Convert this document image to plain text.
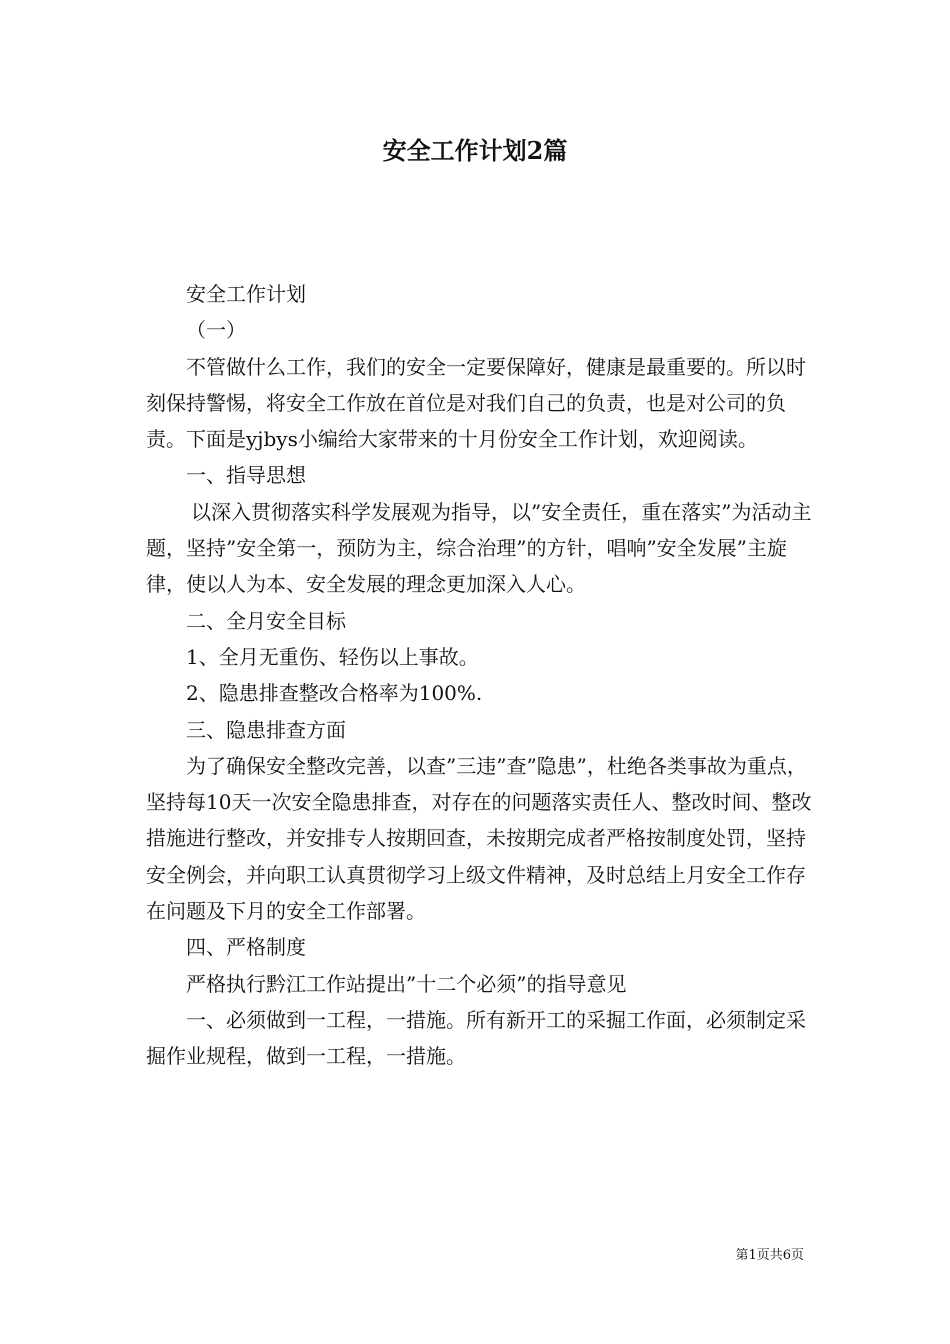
安全工作计划2篇

安全工作计划

（一）

不管做什么工作，我们的安全一定要保障好，健康是最重要的。所以时刻保持警惕，将安全工作放在首位是对我们自己的负责，也是对公司的负责。下面是yjbys小编给大家带来的十月份安全工作计划，欢迎阅读。

一、指导思想

以深入贯彻落实科学发展观为指导，以”安全责任，重在落实”为活动主题，坚持”安全第一，预防为主，综合治理”的方针，唱响”安全发展”主旋律，使以人为本、安全发展的理念更加深入人心。

二、全月安全目标

1、全月无重伤、轻伤以上事故。

2、隐患排查整改合格率为100%.

三、隐患排查方面

为了确保安全整改完善，以查”三违”查”隐患”，杜绝各类事故为重点，坚持每10天一次安全隐患排查，对存在的问题落实责任人、整改时间、整改措施进行整改，并安排专人按期回查，未按期完成者严格按制度处罚，坚持安全例会，并向职工认真贯彻学习上级文件精神，及时总结上月安全工作存在问题及下月的安全工作部署。

四、严格制度

严格执行黔江工作站提出”十二个必须”的指导意见

一、必须做到一工程，一措施。所有新开工的采掘工作面，必须制定采掘作业规程，做到一工程，一措施。

第1页共6页
